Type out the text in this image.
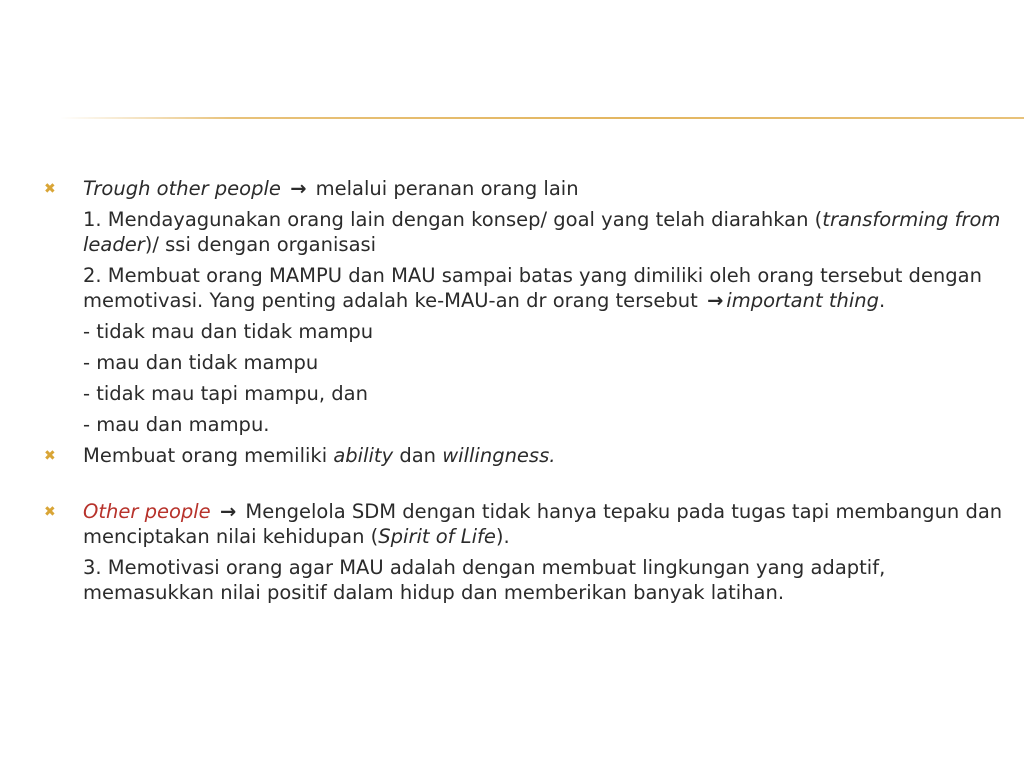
✖ Trough other people → melalui peranan orang lain
1. Mendayagunakan orang lain dengan konsep/ goal yang telah diarahkan (transforming from leader)/ ssi dengan organisasi
2. Membuat orang MAMPU dan MAU sampai batas yang dimiliki oleh orang tersebut dengan memotivasi. Yang penting adalah ke-MAU-an dr orang tersebut → important thing.
- tidak mau dan tidak mampu
- mau dan tidak mampu
- tidak mau tapi mampu, dan
- mau dan mampu.
✖ Membuat orang memiliki ability dan willingness.
✖ Other people → Mengelola SDM dengan tidak hanya tepaku pada tugas tapi membangun dan menciptakan nilai kehidupan (Spirit of Life).
3. Memotivasi orang agar MAU adalah dengan membuat lingkungan yang adaptif, memasukkan nilai positif dalam hidup dan memberikan banyak latihan.
